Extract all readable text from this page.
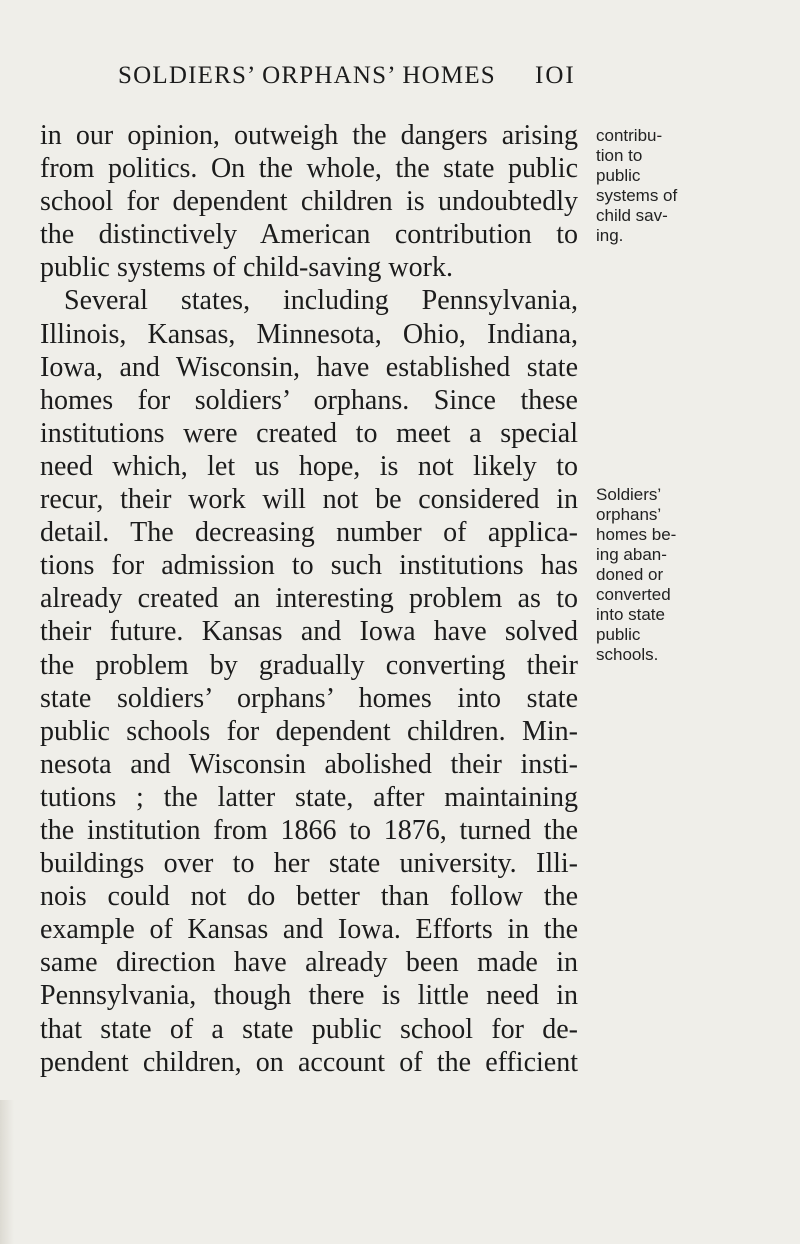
SOLDIERS’ ORPHANS’ HOMES IOI
in our opinion, outweigh the dangers arising
from politics. On the whole, the state public
school for dependent children is undoubtedly
the distinctively American contribution to
public systems of child-saving work.
Several states, including Pennsylvania,
Illinois, Kansas, Minnesota, Ohio, Indiana,
Iowa, and Wisconsin, have established state
homes for soldiers’ orphans. Since these
institutions were created to meet a special
need which, let us hope, is not likely to
recur, their work will not be considered in
detail. The decreasing number of applica-
tions for admission to such institutions has
already created an interesting problem as to
their future. Kansas and Iowa have solved
the problem by gradually converting their
state soldiers’ orphans’ homes into state
public schools for dependent children. Min-
nesota and Wisconsin abolished their insti-
tutions ; the latter state, after maintaining
the institution from 1866 to 1876, turned the
buildings over to her state university. Illi-
nois could not do better than follow the
example of Kansas and Iowa. Efforts in the
same direction have already been made in
Pennsylvania, though there is little need in
that state of a state public school for de-
pendent children, on account of the efficient
contribu-
tion to
public
systems of
child sav-
ing.
Soldiers’
orphans’
homes be-
ing aban-
doned or
converted
into state
public
schools.
